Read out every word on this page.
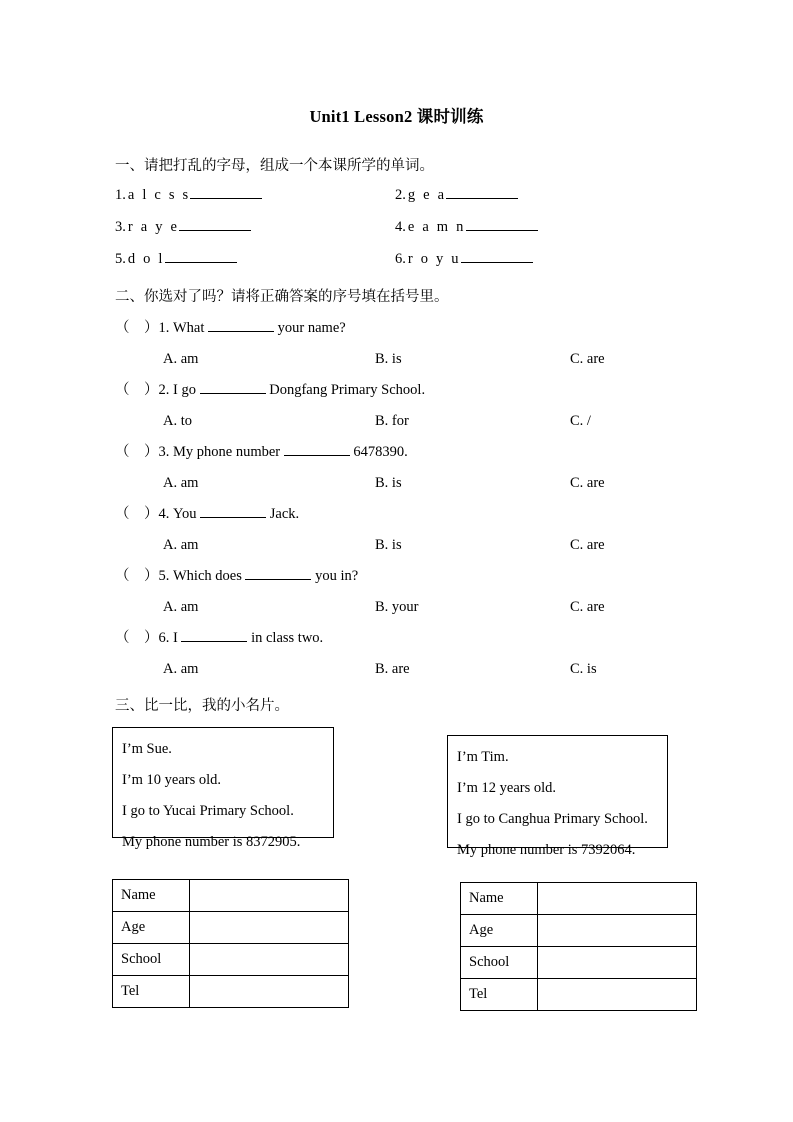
Unit1 Lesson2 课时训练
一、请把打乱的字母，组成一个本课所学的单词。
1. a l c s s	2. g e a
3. r a y e	4. e a m n
5. d o l	6. r o y u
二、你选对了吗？请将正确答案的序号填在括号里。
（　）1. What	your name?
A. am	B. is	C. are
（　）2. I go	Dongfang Primary School.
A. to	B. for	C. /
（　）3. My phone number	6478390.
A. am	B. is	C. are
（　）4. You	Jack.
A. am	B. is	C. are
（　）5. Which does	you in?
A. am	B. your	C. are
（　）6. I	in class two.
A. am	B. are	C. is
三、比一比，我的小名片。
I’m Sue.
I’m 10 years old.
I go to Yucai Primary School.
My phone number is 8372905.
I’m Tim.
I’m 12 years old.
I go to Canghua Primary School.
My phone number is 7392064.
Name	
Age	
School	
Tel	
Name	
Age	
School	
Tel	
